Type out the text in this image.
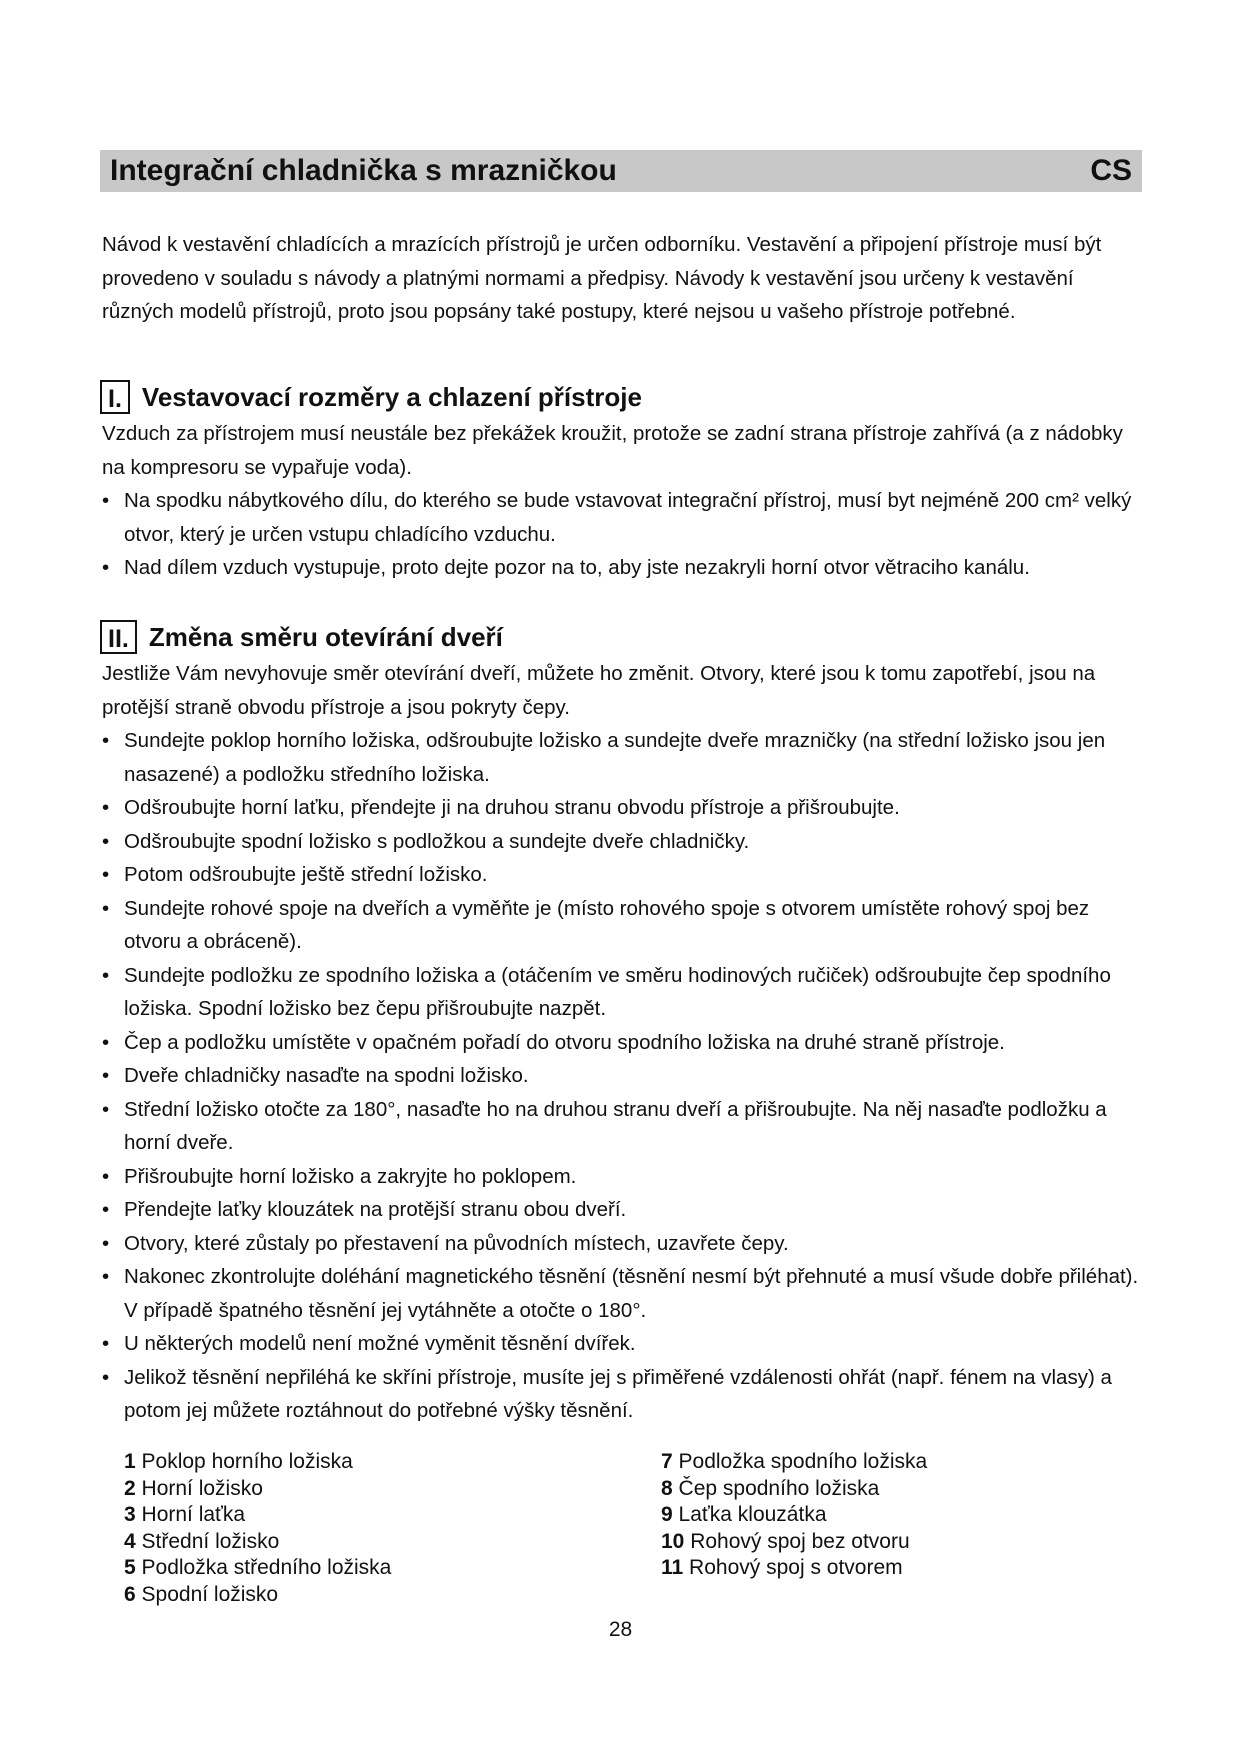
Integrační chladnička s mrazničkou	CS

Návod k vestavění chladících a mrazících přístrojů je určen odborníku. Vestavění a připojení přístroje musí být provedeno v souladu s návody a platnými normami a předpisy. Návody k vestavění jsou určeny k vestavění různých modelů přístrojů, proto jsou popsány také postupy, které nejsou u vašeho přístroje potřebné.

I. Vestavovací rozměry a chlazení přístroje

Vzduch za přístrojem musí neustále bez překážek kroužit, protože se zadní strana přístroje zahřívá (a z nádobky na kompresoru se vypařuje voda).

• Na spodku nábytkového dílu, do kterého se bude vstavovat integrační přístroj, musí byt nejméně 200 cm² velký otvor, který je určen vstupu chladícího vzduchu.
• Nad dílem vzduch vystupuje, proto dejte pozor na to, aby jste nezakryli horní otvor větraciho kanálu.
II. Změna směru otevírání dveří

Jestliže Vám nevyhovuje směr otevírání dveří, můžete ho změnit. Otvory, které jsou k tomu zapotřebí, jsou na protější straně obvodu přístroje a jsou pokryty čepy.

• Sundejte poklop horního ložiska, odšroubujte ložisko a sundejte dveře mrazničky (na střední ložisko jsou jen nasazené) a podložku středního ložiska.
• Odšroubujte horní laťku, přendejte ji na druhou stranu obvodu přístroje a přišroubujte.
• Odšroubujte spodní ložisko s podložkou a sundejte dveře chladničky.
• Potom odšroubujte ještě střední ložisko.
• Sundejte rohové spoje na dveřích a vyměňte je (místo rohového spoje s otvorem umístěte rohový spoj bez otvoru a obráceně).
• Sundejte podložku ze spodního ložiska a (otáčením ve směru hodinových ručiček) odšroubujte čep spodního ložiska. Spodní ložisko bez čepu přišroubujte nazpět.
• Čep a podložku umístěte v opačném pořadí do otvoru spodního ložiska na druhé straně přístroje.
• Dveře chladničky nasaďte na spodni ložisko.
• Střední ložisko otočte za 180°, nasaďte ho na druhou stranu dveří a přišroubujte. Na něj nasaďte podložku a horní dveře.
• Přišroubujte horní ložisko a zakryjte ho poklopem.
• Přendejte laťky klouzátek na protější stranu obou dveří.
• Otvory, které zůstaly po přestavení na původních místech, uzavřete čepy.
• Nakonec zkontrolujte doléhání magnetického těsnění (těsnění nesmí být přehnuté a musí všude dobře přiléhat). V případě špatného těsnění jej vytáhněte a otočte o 180°.
• U některých modelů není možné vyměnit těsnění dvířek.
• Jelikož těsnění nepřiléhá ke skříni přístroje, musíte jej s přiměřené vzdálenosti ohřát (např. fénem na vlasy) a potom jej můžete roztáhnout do potřebné výšky těsnění.
1 Poklop horního ložiska
2 Horní ložisko
3 Horní laťka
4 Střední ložisko
5 Podložka středního ložiska
6 Spodní ložisko
7 Podložka spodního ložiska
8 Čep spodního ložiska
9 Laťka klouzátka
10 Rohový spoj bez otvoru
11 Rohový spoj s otvorem
28
